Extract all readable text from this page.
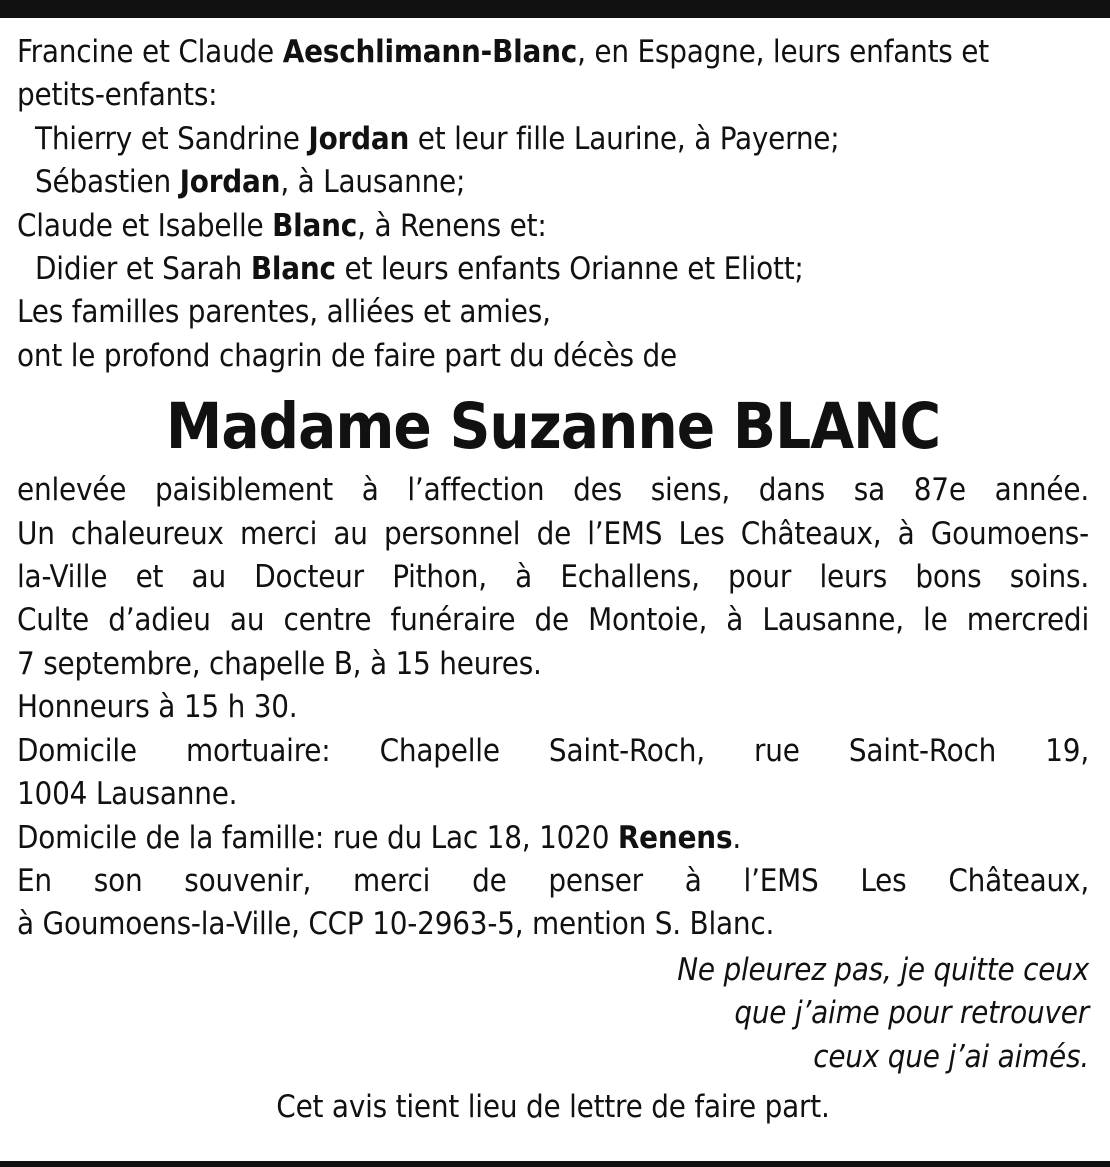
Francine et Claude Aeschlimann-Blanc, en Espagne, leurs enfants et
petits-enfants:
Thierry et Sandrine Jordan et leur fille Laurine, à Payerne;
Sébastien Jordan, à Lausanne;
Claude et Isabelle Blanc, à Renens et:
Didier et Sarah Blanc et leurs enfants Orianne et Eliott;
Les familles parentes, alliées et amies,
ont le profond chagrin de faire part du décès de
Madame Suzanne BLANC
enlevée paisiblement à l’affection des siens, dans sa 87e année.
Un chaleureux merci au personnel de l’EMS Les Châteaux, à Goumoens-
la-Ville et au Docteur Pithon, à Echallens, pour leurs bons soins.
Culte d’adieu au centre funéraire de Montoie, à Lausanne, le mercredi
7 septembre, chapelle B, à 15 heures.
Honneurs à 15 h 30.
Domicile mortuaire: Chapelle Saint-Roch, rue Saint-Roch 19,
1004 Lausanne.
Domicile de la famille: rue du Lac 18, 1020 Renens.
En son souvenir, merci de penser à l’EMS Les Châteaux,
à Goumoens-la-Ville, CCP 10-2963-5, mention S. Blanc.
Ne pleurez pas, je quitte ceux
que j’aime pour retrouver
ceux que j’ai aimés.
Cet avis tient lieu de lettre de faire part.
